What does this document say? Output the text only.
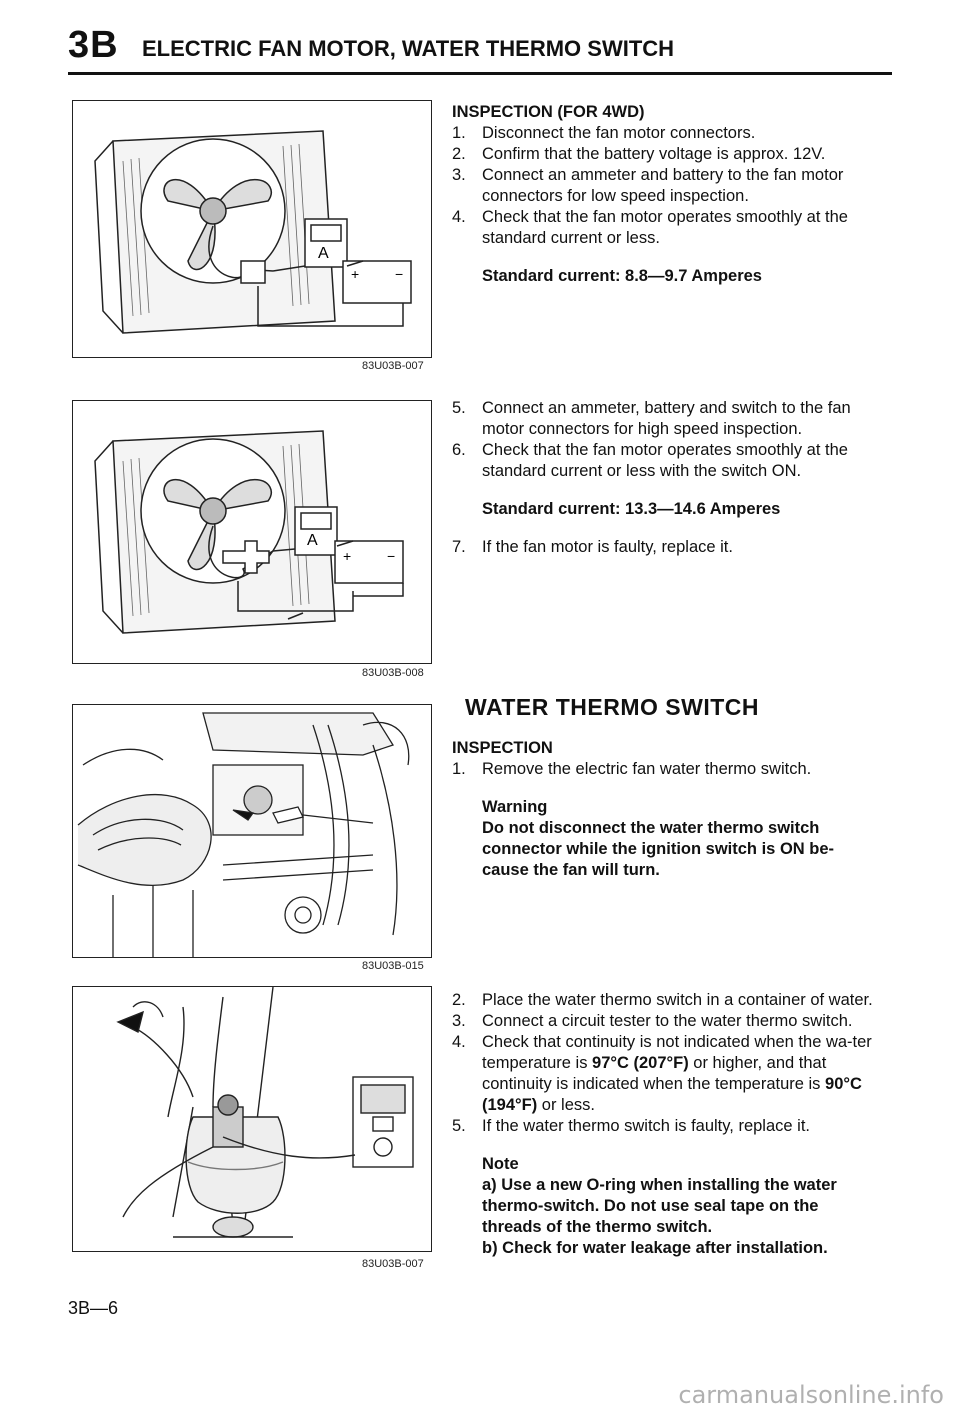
3B ELECTRIC FAN MOTOR, WATER THERMO SWITCH
A
+	−
83U03B-007
A
+	−
83U03B-008
83U03B-015
83U03B-007
INSPECTION (FOR 4WD)
1. Disconnect the fan motor connectors.
2. Confirm that the battery voltage is approx. 12V.
3. Connect an ammeter and battery to the fan motor connectors for low speed inspection.
4. Check that the fan motor operates smoothly at the standard current or less.
Standard current: 8.8—9.7 Amperes
5. Connect an ammeter, battery and switch to the fan motor connectors for high speed inspection.
6. Check that the fan motor operates smoothly at the standard current or less with the switch ON.
Standard current: 13.3—14.6 Amperes
7. If the fan motor is faulty, replace it.
WATER THERMO SWITCH
INSPECTION
1. Remove the electric fan water thermo switch.
Warning
Do not disconnect the water thermo switch connector while the ignition switch is ON be-cause the fan will turn.
2. Place the water thermo switch in a container of water.
3. Connect a circuit tester to the water thermo switch.
4. Check that continuity is not indicated when the wa-ter temperature is 97°C (207°F) or higher, and that continuity is indicated when the temperature is 90°C (194°F) or less.
5. If the water thermo switch is faulty, replace it.
Note
a) Use a new O-ring when installing the water thermo-switch. Do not use seal tape on the threads of the thermo switch.
b) Check for water leakage after installation.
3B—6
carmanualsonline.info
